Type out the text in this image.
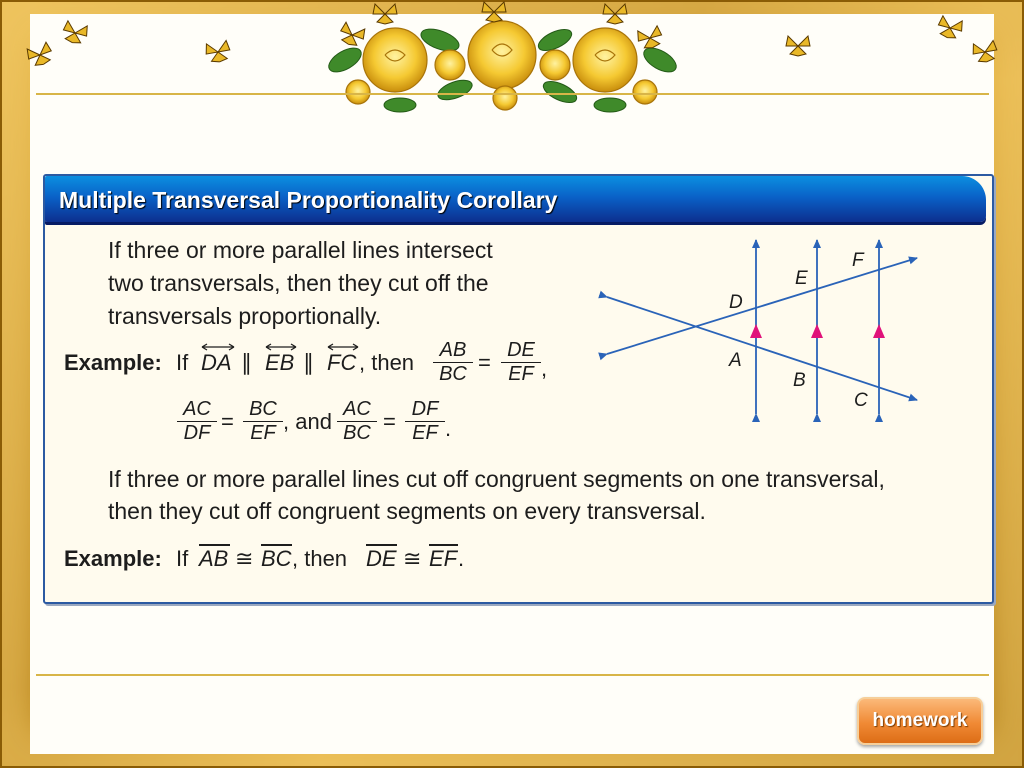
Multiple Transversal Proportionality Corollary
If three or more parallel lines intersect
two transversals, then they cut off the
transversals proportionally.
Example: If DA ∥ EB ∥ FC , then $\frac{AB}{BC} = \frac{DE}{EF}$ ,
$\frac{AC}{DF} = \frac{BC}{EF}$ , and $\frac{AC}{BC} = \frac{DF}{EF}$ .
If three or more parallel lines cut off congruent segments on one transversal,
then they cut off congruent segments on every transversal.
Example: If AB ≅ BC , then DE ≅ EF .
D
E
F
A
B
C
homework
